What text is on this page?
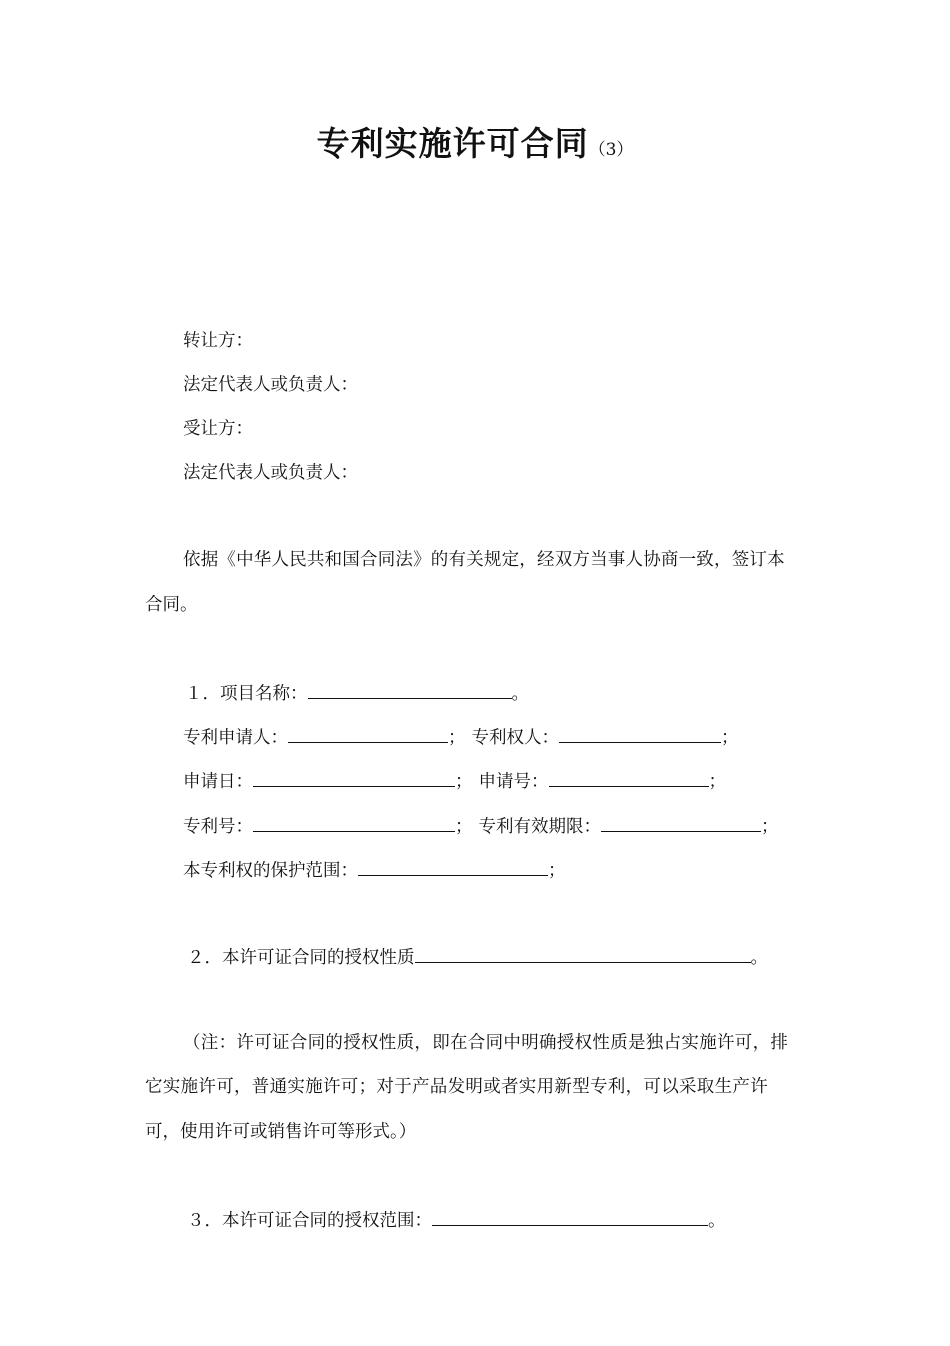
专利实施许可合同（3）
转让方：
法定代表人或负责人：
受让方：
法定代表人或负责人：
依据《中华人民共和国合同法》的有关规定，经双方当事人协商一致，签订本
合同。
１．项目名称：	。
专利申请人：	； 专利权人：	；
申请日：	； 申请号：	；
专利号：	； 专利有效期限：	；
本专利权的保护范围：	；
２．本许可证合同的授权性质	。
（注：许可证合同的授权性质，即在合同中明确授权性质是独占实施许可，排
它实施许可，普通实施许可；对于产品发明或者实用新型专利，可以采取生产许
可，使用许可或销售许可等形式。）
３．本许可证合同的授权范围：	。
